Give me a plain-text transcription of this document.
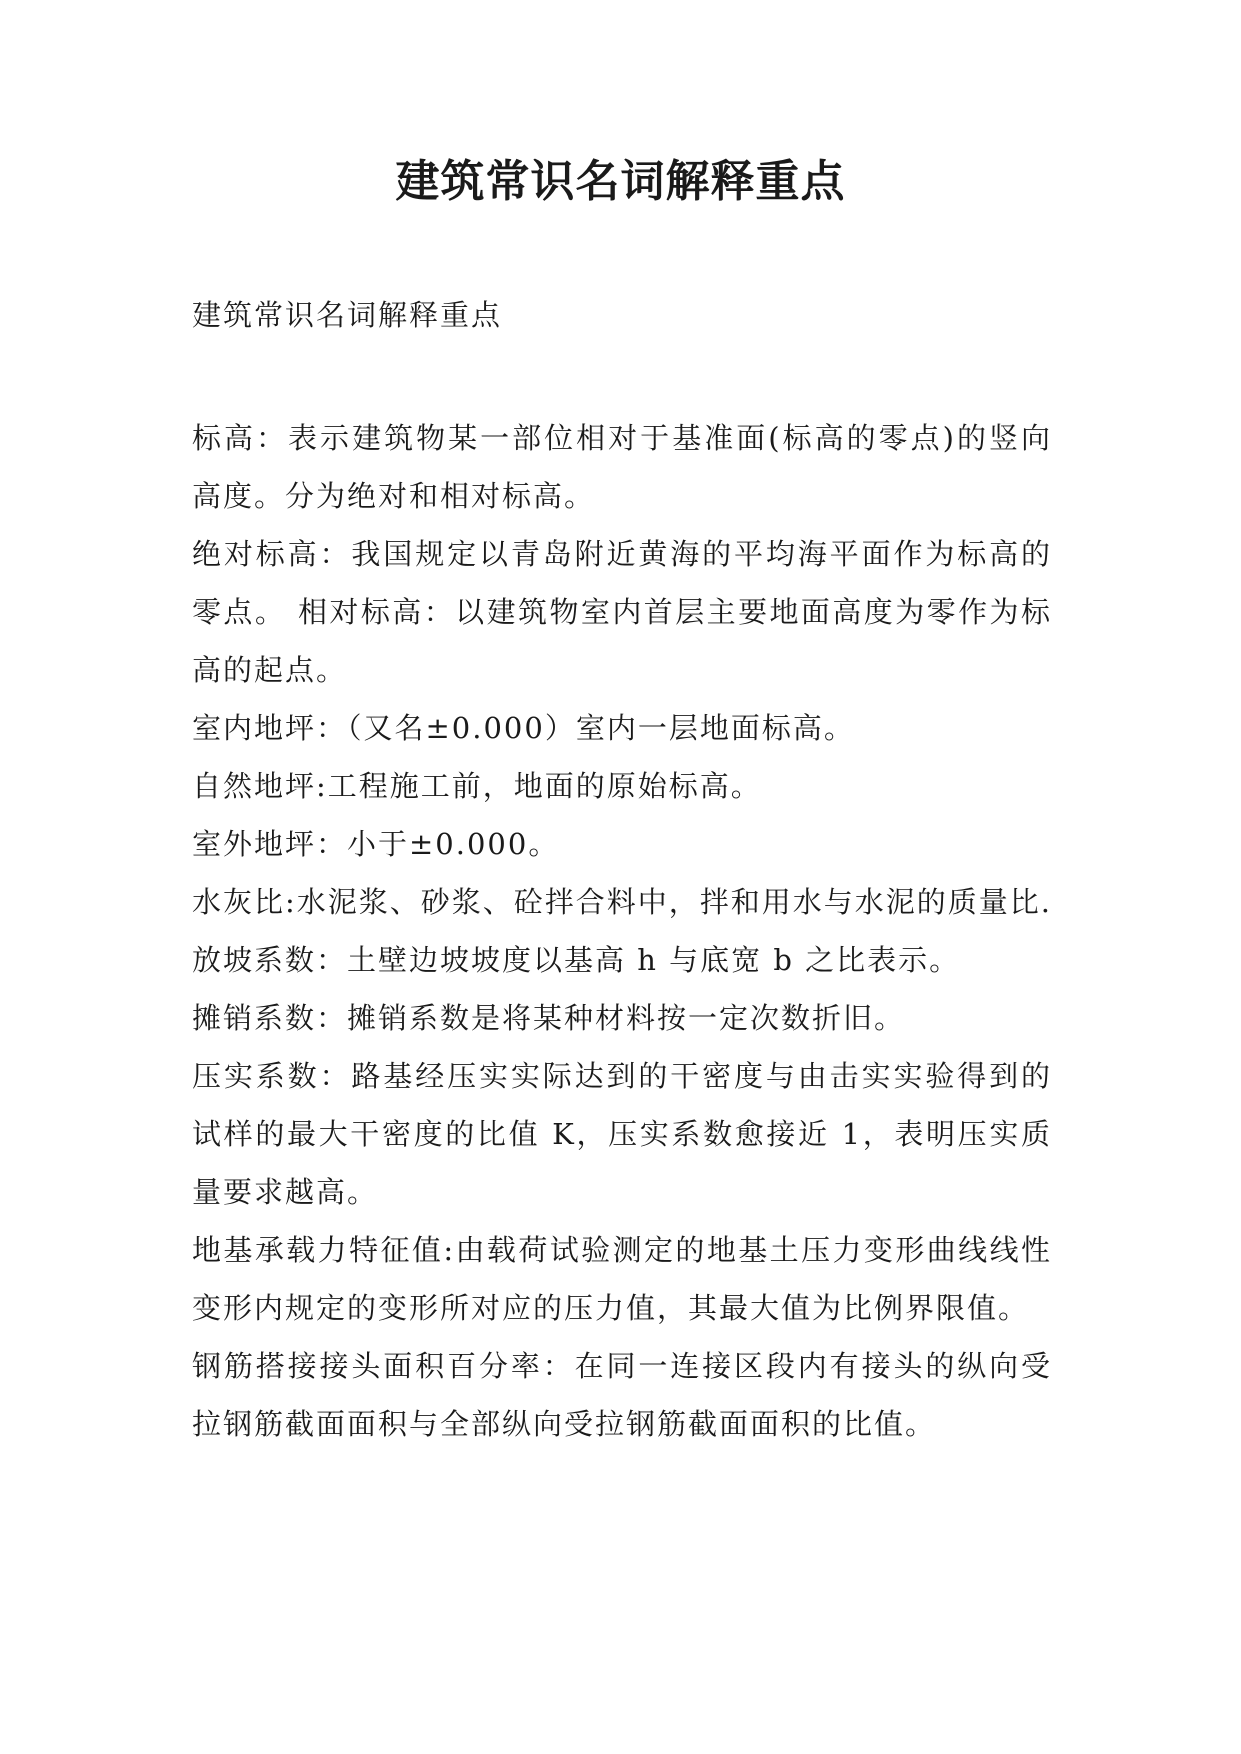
建筑常识名词解释重点

建筑常识名词解释重点

标高：表示建筑物某一部位相对于基准面(标高的零点)的竖向高度。分为绝对和相对标高。

绝对标高：我国规定以青岛附近黄海的平均海平面作为标高的零点。 相对标高：以建筑物室内首层主要地面高度为零作为标高的起点。

室内地坪：（又名±0.000）室内一层地面标高。

自然地坪:工程施工前，地面的原始标高。

室外地坪：小于±0.000。

水灰比:水泥浆、砂浆、砼拌合料中，拌和用水与水泥的质量比.

放坡系数：土壁边坡坡度以基高 h 与底宽 b 之比表示。

摊销系数：摊销系数是将某种材料按一定次数折旧。

压实系数：路基经压实实际达到的干密度与由击实实验得到的试样的最大干密度的比值 K，压实系数愈接近 1，表明压实质量要求越高。

地基承载力特征值:由载荷试验测定的地基土压力变形曲线线性变形内规定的变形所对应的压力值，其最大值为比例界限值。

钢筋搭接接头面积百分率：在同一连接区段内有接头的纵向受拉钢筋截面面积与全部纵向受拉钢筋截面面积的比值。
